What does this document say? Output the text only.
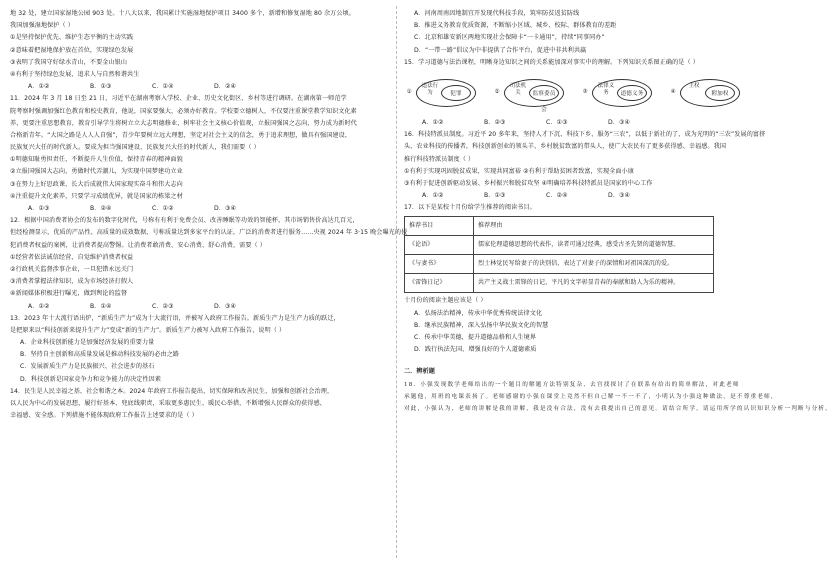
地 32 处，建立国家湿地公园 903 处。十八大以来，我国累计实施湿地保护项目 3400 多个，新增和修复湿地 80 余万公顷。
我国加强湿地保护（ ）
①是坚持保护优先、维护生态平衡的主动实践
②意味着把湿地保护放在首位，实现绿色发展
③表明了我国守好绿水青山，不要金山银山
④有利于坚持绿色发展，追求人与自然和谐共生
A．①②	B．①③	C．①④	D．②④
11．2024 年 3 月 18 日至 21 日，习近平在湖南考察入学校、企业、历史文化街区、乡村等进行调研。在湖南第一师范学
院考察时强调加强红色教育和校史教育，他说，国家要强大，必须办好教育。学校要立德树人，不仅要注重课堂教学知识文化素
养，更要注重思想教育，教育引导学生将树立立大志明德修业，树牢社会主义核心价值观，立报国强国之志向，努力成为新时代
合格新青年。“大国之路是人人人自强”，青少年要树立远大理想，坚定对社会主义的信念，勇于追求理想，做具有强国建设、
民族复兴大任的时代新人。要成为担当强国建设、民族复兴大任的时代新人，我们需要（ ）
①明德知耻勇担责任，不断提升人生价值，保持青春的精神面貌
②立报国强国大志向，勇做时代弄潮儿，为实现中国梦建功立业
③在努力上好思政课，长大后成就伟大国家现实奋斗和伟大志向
④注重提升文化素养，只要学习成绩优异，就是国家的栋梁之材
A．①③	B．②④	C．①②	D．③④
12．根据中国消费者协会的发布的数字化时代，号称有有利于免费会员、改善睡眠等功效的智能杯，其市场销售价高达几百元，
但经检测显示，优质的产品性、高质量的成效数据，号称质量达到多家平台的认证，广泛的消费者进行服务……央视 2024 年 3·15 晚会曝光的侵
犯消费者权益的案例，让消费者提高警惕。让消费者敢消费、安心消费、舒心消费，需要（ ）
①经营者依法诚信经营，自觉维护消费者权益
②行政机关监督涉事企业，一旦犯错永远关门
③消费者掌握法律知识，成为市场经济打假人
④新闻媒体积极进行曝光，做到舆论的监督
A．①②	B．①④	C．②③	D．③④
13．2023 年十大流行语出炉，“新质生产力”成为十大流行语，并被写入政府工作报告。新质生产力是生产力质的跃迁，
是把原来以“科技创新来提升生产力”变成“新的生产力”。新质生产力被写入政府工作报告，说明（ ）
A．企业科技创新能力是加强经济发展的重要力量
B．坚持自主创新和高质量发展是推动科技发展的必由之路
C．发展新质生产力是民族振兴、社会进步的基石
D．科技创新是国家竞争力和竞争能力的决定性因素
14．民生是人民幸福之基、社会和谐之本。2024 年政府工作报告提出，切实保障和改善民生，加强和创新社会治理，
以人民为中心的发展思想，履行好基本、兜底线职责，采取更多惠民生、暖民心举措，不断增强人民群众的获得感、
幸福感、安全感。下列措施不能体现政府工作报告上述要求的是（ ）
A．河南周南因地制宜开发现代科技手段，筑牢防贫返贫防线
B．推进义务教育优质资源，不断缩小区域、城乡、校际、群体教育的差距
C．北京和雄安新区两地实现社会保障卡“一卡通用”，持续“同事同办”
D．“一带一路”倡议为中非提供了合作平台，促进中非共利共赢
15．学习道德与法治课程，明晰身边知识之间的关系能加深对事实中的理解。下列知识关系图正确的是（ ）
①
违法行为	犯罪	②
司法机关	监察委员会
③
法律义务	道德义务	④
主权
附加权
A．①②	B．②③	C．①③	D．③④
16．科技特派员制度。习近平 20 多年来，坚持人才下沉、科技下乡、服务“三农”，以低于新社的了，成为光明的“三农”发展的富挤
头、农业科技的传播者，科技创新创业的领头羊、乡村脱贫致富的带头人，使广大农民有了更多获得感、幸福感。我国
推行科技特派员制度（ ）
①有利于实现巩固脱贫成果，实现共同富裕 ②有利于帮助贫困者致富，实现全面小康
③有利于促进创新驱动发展、乡村振兴和脱贫攻坚 ④明确培养科技特派员是国家的中心工作
A．①②	B．①③	C．②④	D．③④
17．以下是某校十月份给学生推荐的阅读书目。
推荐书目	推荐理由
《论语》	儒家伦理道德思想的代表作，读者可通过经典，感受古圣先贤的道德智慧。
《与妻书》	烈士林觉民写给妻子的诀别信，表达了对妻子的深情和对祖国深沉的爱。
《雷锋日记》	共产主义战士雷锋的日记，平凡的文字彰显青春的奉献和助人为乐的精神。
十月份的阅读主题应该是（ ）
A．弘扬法治精神，传承中华优秀传统法律文化
B．继承民族精神，深入弘扬中华民族文化的智慧
C．传承中华美德，提升道德品格和人生境界
D．践行执法先国，增强良好的个人道德素质
二．辨析题
18．小强发现数学老师给出的一个题目的解题方法特别复杂，去宫找探讨了在联系有给出的简单解法，对此老师
承题他，用班的电课表扬了。老师感谢的小强在课堂上竟然不但自己解一不一不了，小明认为小强这种做法，是不尊重老师，
对此，小强认为，老师的讲解是我的讲解，我是没有合法，没有去我提出自己的意见。请结合所学，请运用所学的认识知识分析一判断与分析。
